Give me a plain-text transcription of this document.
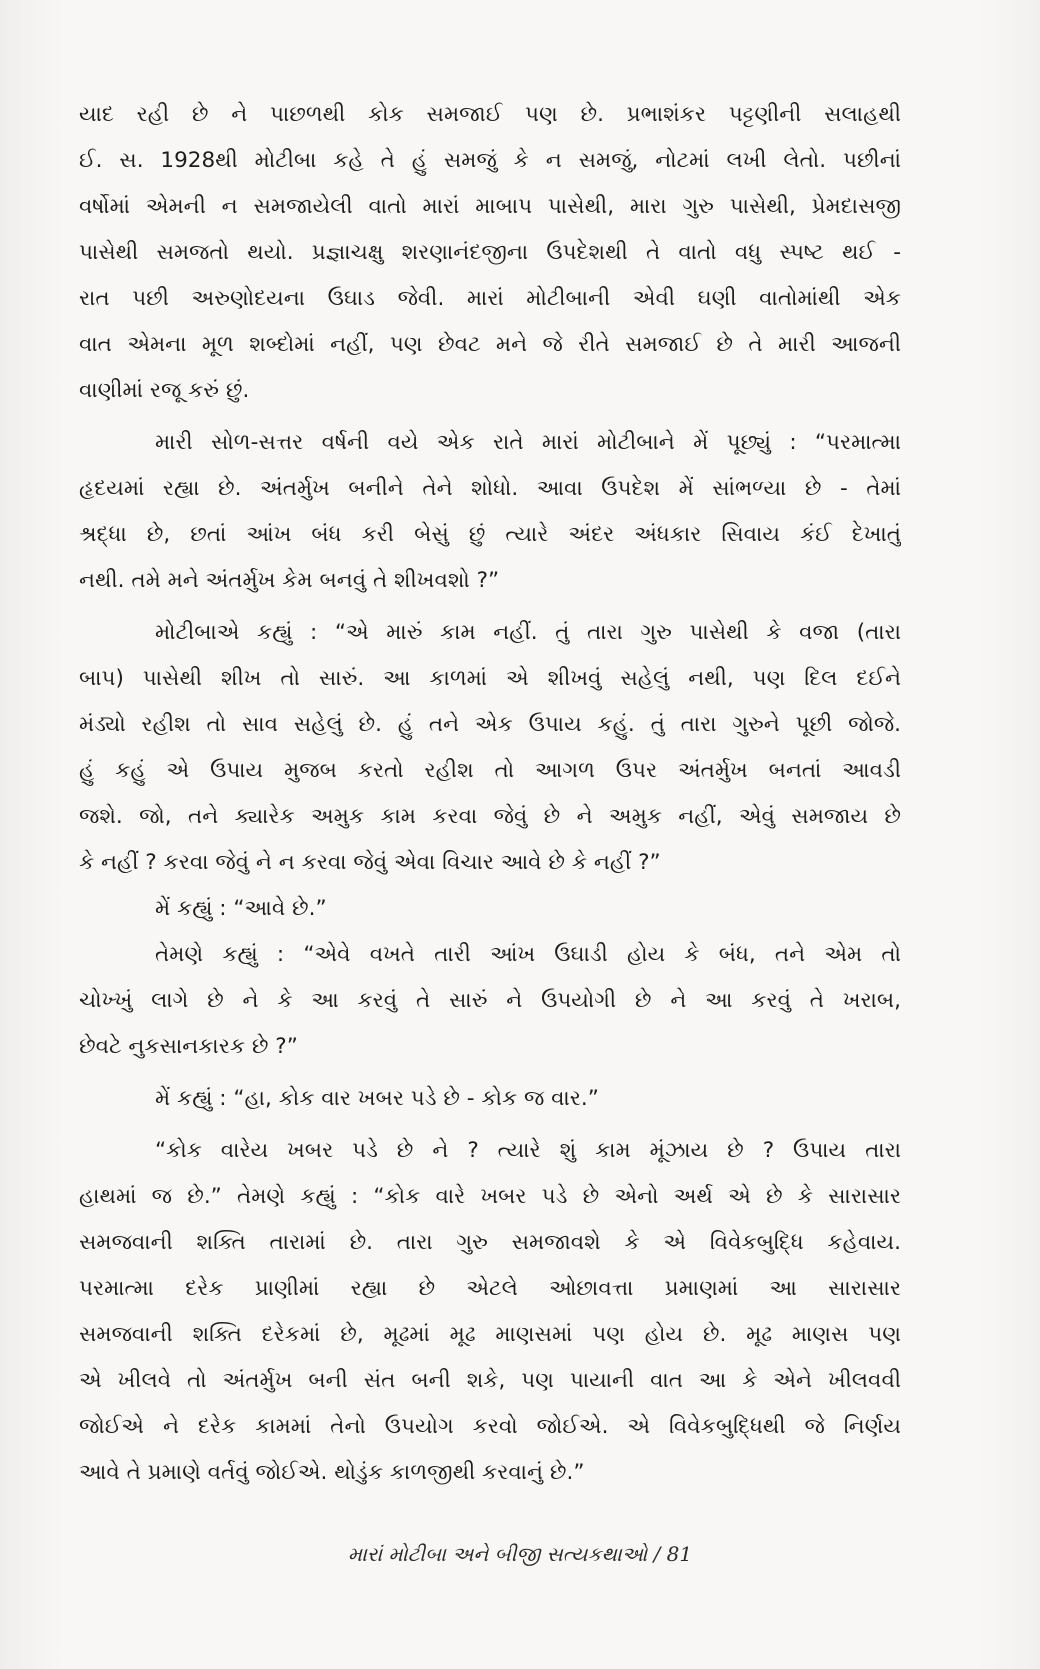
યાદ રહી છે ને પાછળથી કોક સમજાઈ પણ છે. પ્રભાશંકર પટ્ટણીની સલાહથી
ઈ. સ. 1928થી મોટીબા કહે તે હું સમજું કે ન સમજું, નોટમાં લખી લેતો. પછીનાં
વર્ષોમાં એમની ન સમજાયેલી વાતો મારાં માબાપ પાસેથી, મારા ગુરુ પાસેથી, પ્રેમદાસજી
પાસેથી સમજતો થયો. પ્રજ્ઞાચક્ષુ શરણાનંદજીના ઉપદેશથી તે વાતો વધુ સ્પષ્ટ થઈ -
રાત પછી અરુણોદયના ઉઘાડ જેવી. મારાં મોટીબાની એવી ઘણી વાતોમાંથી એક
વાત એમના મૂળ શબ્દોમાં નહીં, પણ છેવટ મને જે રીતે સમજાઈ છે તે મારી આજની
વાણીમાં રજૂ કરું છું.
મારી સોળ-સત્તર વર્ષની વયે એક રાતે મારાં મોટીબાને મેં પૂછ્યું : “પરમાત્મા
હૃદયમાં રહ્યા છે. અંતર્મુખ બનીને તેને શોધો. આવા ઉપદેશ મેં સાંભળ્યા છે - તેમાં
શ્રદ્ધા છે, છતાં આંખ બંધ કરી બેસું છું ત્યારે અંદર અંધકાર સિવાય કંઈ દેખાતું
નથી. તમે મને અંતર્મુખ કેમ બનવું તે શીખવશો ?”
મોટીબાએ કહ્યું : “એ મારું કામ નહીં. તું તારા ગુરુ પાસેથી કે વજા (તારા
બાપ) પાસેથી શીખ તો સારું. આ કાળમાં એ શીખવું સહેલું નથી, પણ દિલ દઈને
મંડ્યો રહીશ તો સાવ સહેલું છે. હું તને એક ઉપાય કહું. તું તારા ગુરુને પૂછી જોજે.
હું કહું એ ઉપાય મુજબ કરતો રહીશ તો આગળ ઉપર અંતર્મુખ બનતાં આવડી
જશે. જો, તને ક્યારેક અમુક કામ કરવા જેવું છે ને અમુક નહીં, એવું સમજાય છે
કે નહીં ? કરવા જેવું ને ન કરવા જેવું એવા વિચાર આવે છે કે નહીં ?”
મેં કહ્યું : “આવે છે.”
તેમણે કહ્યું : “એવે વખતે તારી આંખ ઉઘાડી હોય કે બંધ, તને એમ તો
ચોખ્ખું લાગે છે ને કે આ કરવું તે સારું ને ઉપયોગી છે ને આ કરવું તે ખરાબ,
છેવટે નુકસાનકારક છે ?”
મેં કહ્યું : “હા, કોક વાર ખબર પડે છે - કોક જ વાર.”
“કોક વારેય ખબર પડે છે ને ? ત્યારે શું કામ મૂંઝાય છે ? ઉપાય તારા
હાથમાં જ છે.” તેમણે કહ્યું : “કોક વારે ખબર પડે છે એનો અર્થ એ છે કે સારાસાર
સમજવાની શક્તિ તારામાં છે. તારા ગુરુ સમજાવશે કે એ વિવેકબુદ્ધિ કહેવાય.
પરમાત્મા દરેક પ્રાણીમાં રહ્યા છે એટલે ઓછાવત્તા પ્રમાણમાં આ સારાસાર
સમજવાની શક્તિ દરેકમાં છે, મૂઢમાં મૂઢ માણસમાં પણ હોય છે. મૂઢ માણસ પણ
એ ખીલવે તો અંતર્મુખ બની સંત બની શકે, પણ પાયાની વાત આ કે એને ખીલવવી
જોઈએ ને દરેક કામમાં તેનો ઉપયોગ કરવો જોઈએ. એ વિવેકબુદ્ધિથી જે નિર્ણય
આવે તે પ્રમાણે વર્તવું જોઈએ. થોડુંક કાળજીથી કરવાનું છે.”
મારાં મોટીબા અને બીજી સત્યકથાઓ / 81
